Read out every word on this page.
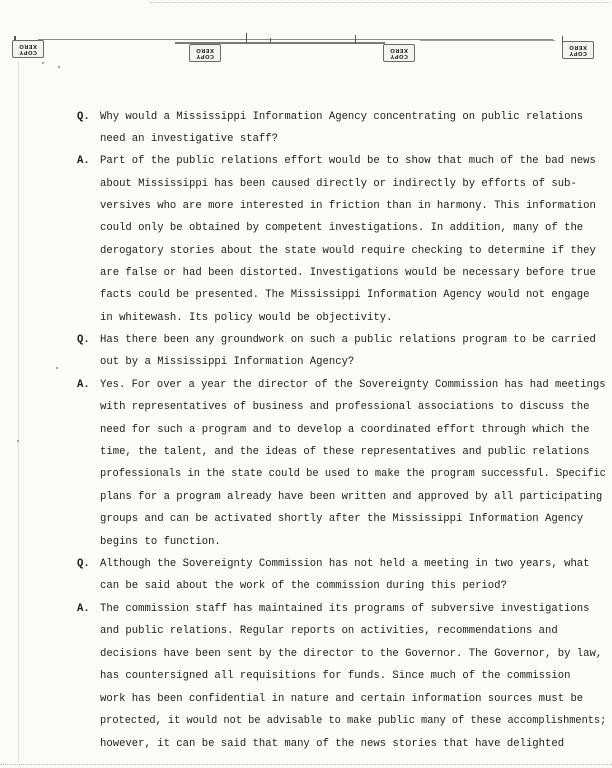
COPY
XERO
COPY
XERO
COPY
XERO	COPY
XERO
Q. Why would a Mississippi Information Agency concentrating on public relations
need an investigative staff?
A. Part of the public relations effort would be to show that much of the bad news
about Mississippi has been caused directly or indirectly by efforts of sub-
versives who are more interested in friction than in harmony. This information
could only be obtained by competent investigations. In addition, many of the
derogatory stories about the state would require checking to determine if they
are false or had been distorted. Investigations would be necessary before true
facts could be presented. The Mississippi Information Agency would not engage
in whitewash. Its policy would be objectivity.
Q. Has there been any groundwork on such a public relations program to be carried
out by a Mississippi Information Agency?
A. Yes. For over a year the director of the Sovereignty Commission has had meetings
with representatives of business and professional associations to discuss the
need for such a program and to develop a coordinated effort through which the
time, the talent, and the ideas of these representatives and public relations
professionals in the state could be used to make the program successful. Specific
plans for a program already have been written and approved by all participating
groups and can be activated shortly after the Mississippi Information Agency
begins to function.
Q. Although the Sovereignty Commission has not held a meeting in two years, what
can be said about the work of the commission during this period?
A. The commission staff has maintained its programs of subversive investigations
and public relations. Regular reports on activities, recommendations and
decisions have been sent by the director to the Governor. The Governor, by law,
has countersigned all requisitions for funds. Since much of the commission
work has been confidential in nature and certain information sources must be
protected, it would not be advisable to make public many of these accomplishments;
however, it can be said that many of the news stories that have delighted
